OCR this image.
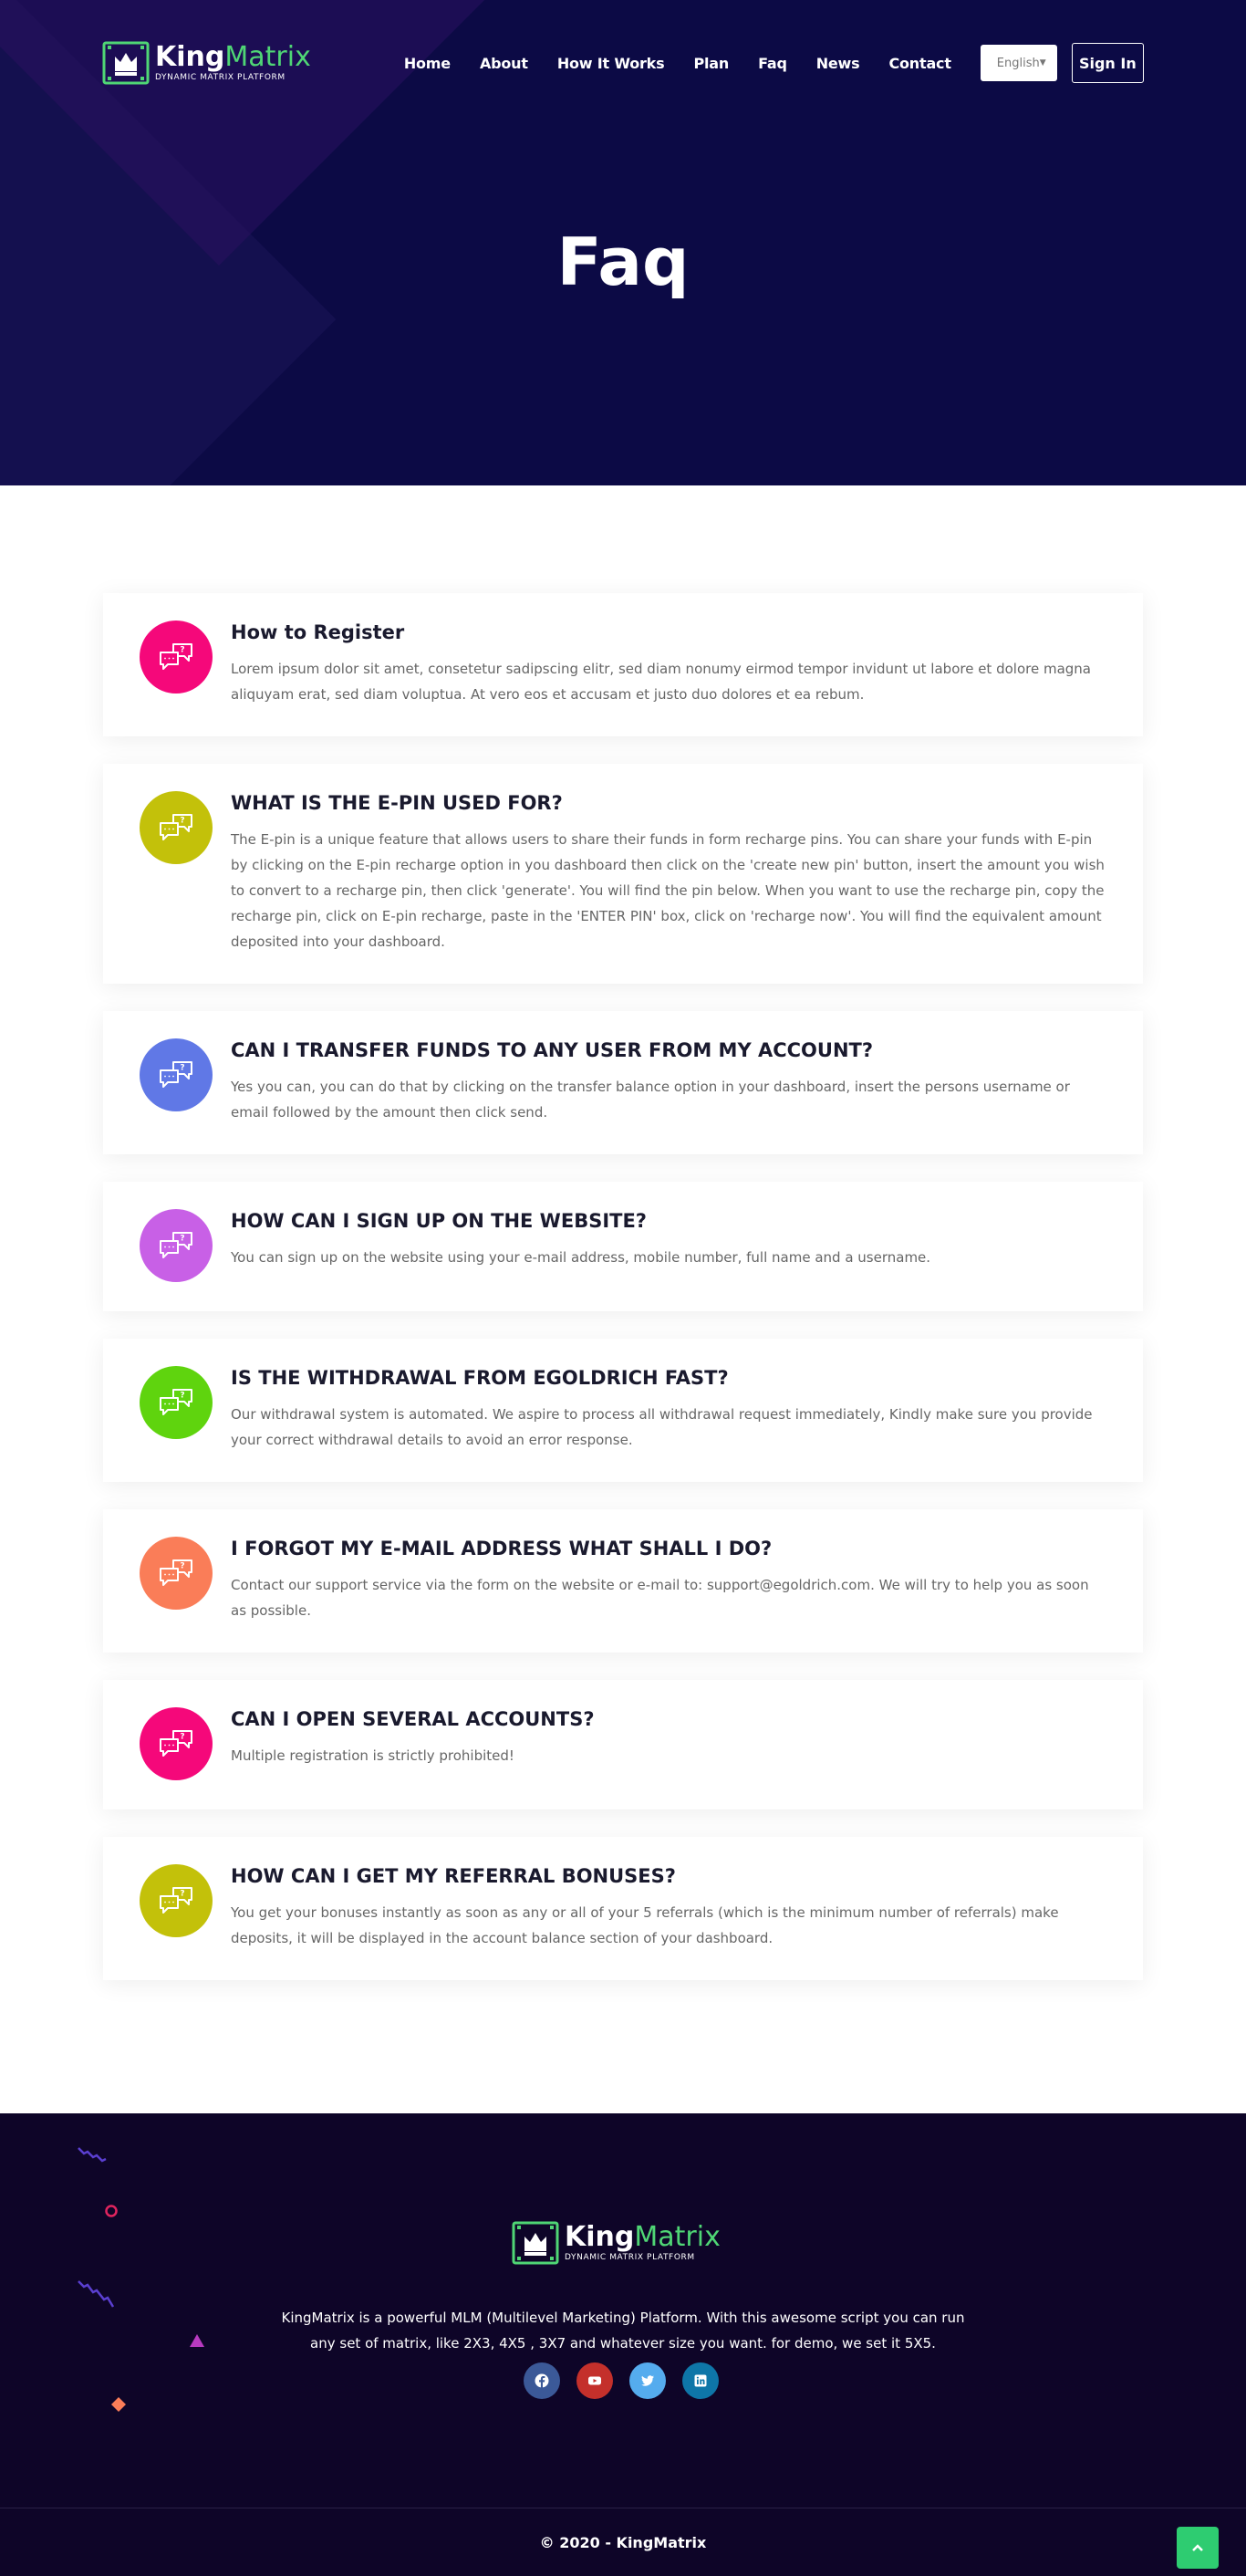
KingMatrix
DYNAMIC MATRIX PLATFORM
Home About How It Works Plan Faq News Contact	English ▼	Sign In
Faq
?
How to Register

Lorem ipsum dolor sit amet, consetetur sadipscing elitr, sed diam nonumy eirmod tempor invidunt ut labore et dolore magna aliquyam erat, sed diam voluptua. At vero eos et accusam et justo duo dolores et ea rebum.

?
WHAT IS THE E-PIN USED FOR?

The E-pin is a unique feature that allows users to share their funds in form recharge pins. You can share your funds with E-pin by clicking on the E-pin recharge option in you dashboard then click on the 'create new pin' button, insert the amount you wish to convert to a recharge pin, then click 'generate'. You will find the pin below. When you want to use the recharge pin, copy the recharge pin, click on E-pin recharge, paste in the 'ENTER PIN' box, click on 'recharge now'. You will find the equivalent amount deposited into your dashboard.

?
CAN I TRANSFER FUNDS TO ANY USER FROM MY ACCOUNT?

Yes you can, you can do that by clicking on the transfer balance option in your dashboard, insert the persons username or email followed by the amount then click send.

?
HOW CAN I SIGN UP ON THE WEBSITE?

You can sign up on the website using your e-mail address, mobile number, full name and a username.

?
IS THE WITHDRAWAL FROM EGOLDRICH FAST?

Our withdrawal system is automated. We aspire to process all withdrawal request immediately, Kindly make sure you provide your correct withdrawal details to avoid an error response.

?
I FORGOT MY E-MAIL ADDRESS WHAT SHALL I DO?

Contact our support service via the form on the website or e-mail to: support@egoldrich.com. We will try to help you as soon as possible.

?
CAN I OPEN SEVERAL ACCOUNTS?

Multiple registration is strictly prohibited!

?
HOW CAN I GET MY REFERRAL BONUSES?

You get your bonuses instantly as soon as any or all of your 5 referrals (which is the minimum number of referrals) make deposits, it will be displayed in the account balance section of your dashboard.

KingMatrix
DYNAMIC MATRIX PLATFORM

KingMatrix is a powerful MLM (Multilevel Marketing) Platform. With this awesome script you can run any set of matrix, like 2X3, 4X5 , 3X7 and whatever size you want. for demo, we set it 5X5.

© 2020 - KingMatrix
